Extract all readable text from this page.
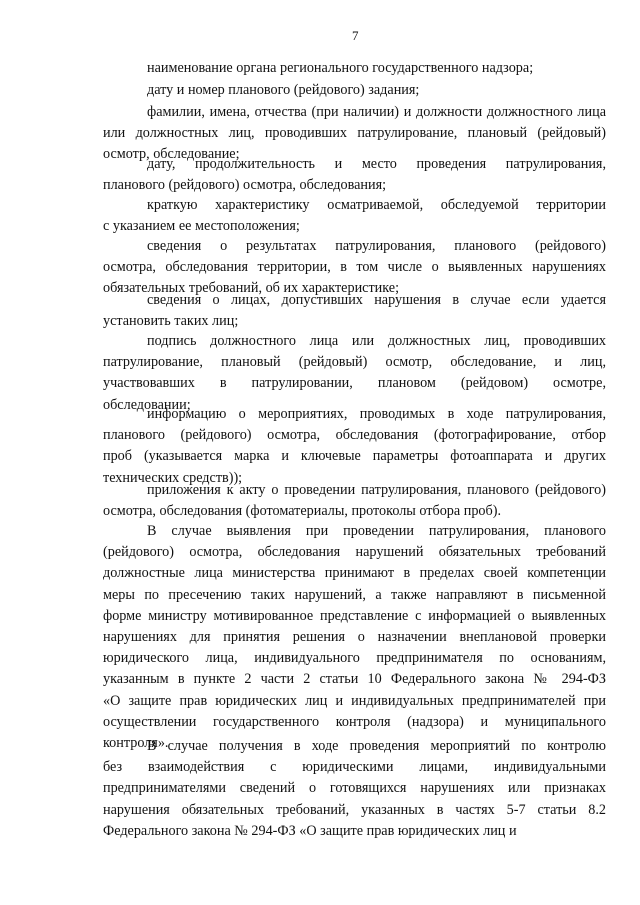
7
наименование органа регионального государственного надзора;
дату и номер планового (рейдового) задания;
фамилии, имена, отчества (при наличии) и должности должностного лица
или должностных лиц, проводивших патрулирование, плановый (рейдовый)
осмотр, обследование;
дату, продолжительность и место проведения патрулирования,
планового (рейдового) осмотра, обследования;
краткую характеристику осматриваемой, обследуемой территории
с указанием ее местоположения;
сведения о результатах патрулирования, планового (рейдового)
осмотра, обследования территории, в том числе о выявленных нарушениях
обязательных требований, об их характеристике;
сведения о лицах, допустивших нарушения в случае если удается
установить таких лиц;
подпись должностного лица или должностных лиц, проводивших
патрулирование, плановый (рейдовый) осмотр, обследование, и лиц,
участвовавших в патрулировании, плановом (рейдовом) осмотре,
обследовании;
информацию о мероприятиях, проводимых в ходе патрулирования,
планового (рейдового) осмотра, обследования (фотографирование, отбор
проб (указывается марка и ключевые параметры фотоаппарата и других
технических средств));
приложения к акту о проведении патрулирования, планового (рейдового)
осмотра, обследования (фотоматериалы, протоколы отбора проб).
В случае выявления при проведении патрулирования, планового
(рейдового) осмотра, обследования нарушений обязательных требований
должностные лица министерства принимают в пределах своей компетенции
меры по пресечению таких нарушений, а также направляют в письменной
форме министру мотивированное представление с информацией о выявленных
нарушениях для принятия решения о назначении внеплановой проверки
юридического лица, индивидуального предпринимателя по основаниям,
указанным в пункте 2 части 2 статьи 10 Федерального закона № 294-ФЗ
«О защите прав юридических лиц и индивидуальных предпринимателей при
осуществлении государственного контроля (надзора) и муниципального
контроля».
В случае получения в ходе проведения мероприятий по контролю
без взаимодействия с юридическими лицами, индивидуальными
предпринимателями сведений о готовящихся нарушениях или признаках
нарушения обязательных требований, указанных в частях 5-7 статьи 8.2
Федерального закона № 294-ФЗ «О защите прав юридических лиц и
